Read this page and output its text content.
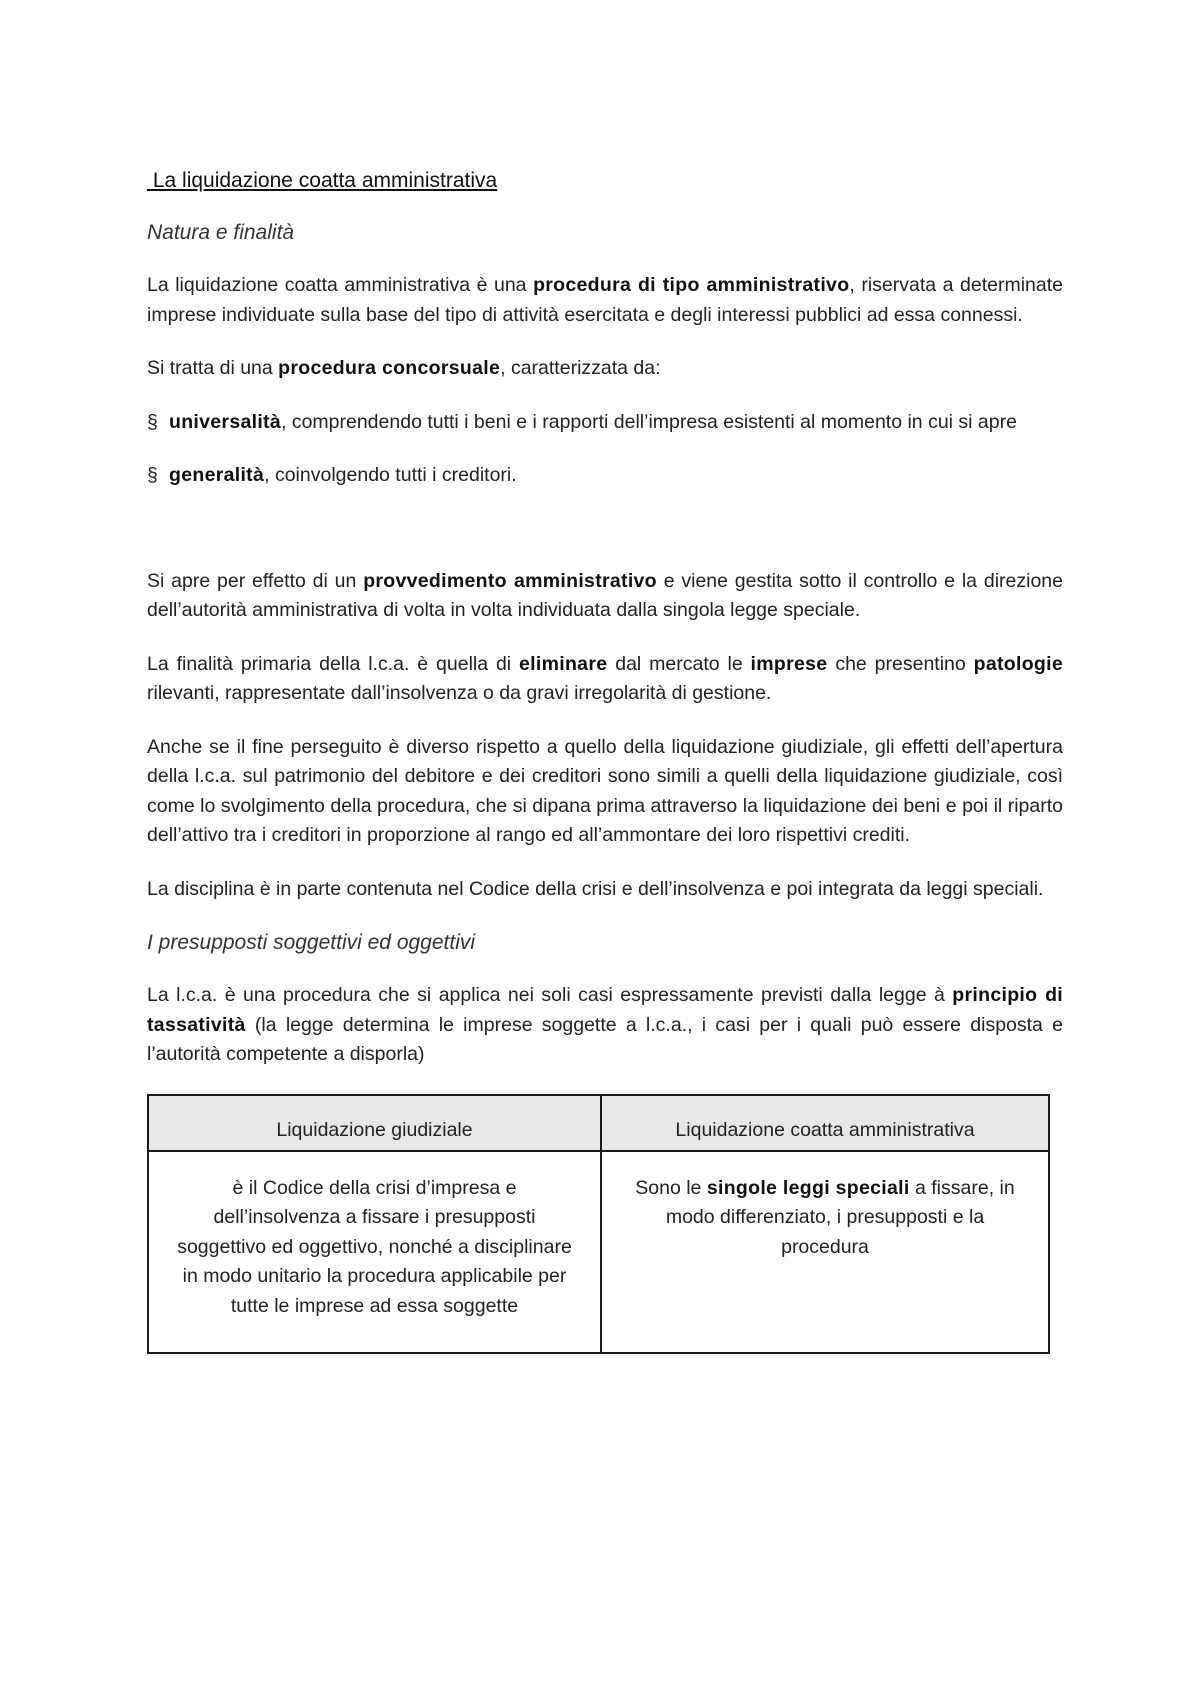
La liquidazione coatta amministrativa
Natura e finalità

La liquidazione coatta amministrativa è una procedura di tipo amministrativo, riservata a determinate imprese individuate sulla base del tipo di attività esercitata e degli interessi pubblici ad essa connessi.

Si tratta di una procedura concorsuale, caratterizzata da:

§ universalità, comprendendo tutti i beni e i rapporti dell’impresa esistenti al momento in cui si apre
§ generalità, coinvolgendo tutti i creditori.

Si apre per effetto di un provvedimento amministrativo e viene gestita sotto il controllo e la direzione dell’autorità amministrativa di volta in volta individuata dalla singola legge speciale.

La finalità primaria della l.c.a. è quella di eliminare dal mercato le imprese che presentino patologie rilevanti, rappresentate dall’insolvenza o da gravi irregolarità di gestione.

Anche se il fine perseguito è diverso rispetto a quello della liquidazione giudiziale, gli effetti dell’apertura della l.c.a. sul patrimonio del debitore e dei creditori sono simili a quelli della liquidazione giudiziale, così come lo svolgimento della procedura, che si dipana prima attraverso la liquidazione dei beni e poi il riparto dell’attivo tra i creditori in proporzione al rango ed all’ammontare dei loro rispettivi crediti.

La disciplina è in parte contenuta nel Codice della crisi e dell’insolvenza e poi integrata da leggi speciali.

I presupposti soggettivi ed oggettivi

La l.c.a. è una procedura che si applica nei soli casi espressamente previsti dalla legge à principio di tassatività (la legge determina le imprese soggette a l.c.a., i casi per i quali può essere disposta e l’autorità competente a disporla)

Liquidazione giudiziale	Liquidazione coatta amministrativa
è il Codice della crisi d’impresa e dell’insolvenza a fissare i presupposti soggettivo ed oggettivo, nonché a disciplinare in modo unitario la procedura applicabile per tutte le imprese ad essa soggette	Sono le singole leggi speciali a fissare, in modo differenziato, i presupposti e la procedura
